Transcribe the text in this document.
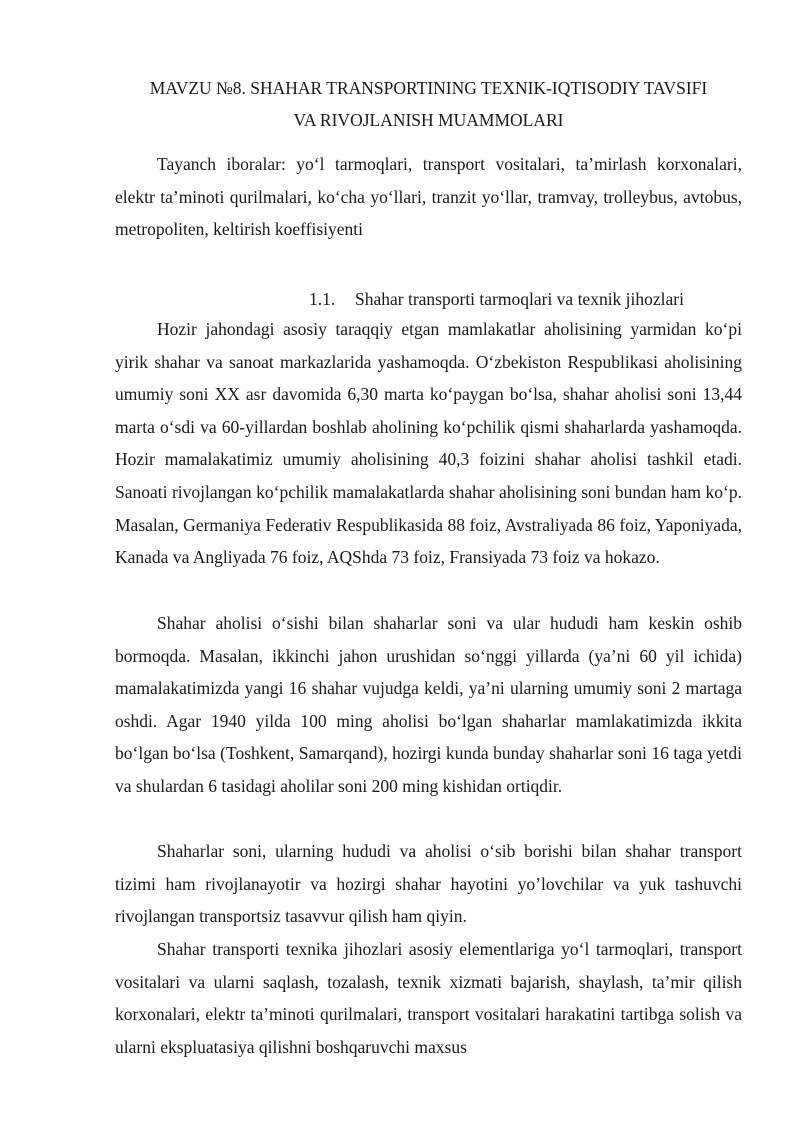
MAVZU №8. SHAHAR TRANSPORTINING TEXNIK-IQTISODIY TAVSIFI
VA RIVOJLANISH MUAMMOLARI

Tayanch iboralar: yo‘l tarmoqlari, transport vositalari, ta’mirlash korxonalari, elektr ta’minoti qurilmalari, ko‘cha yo‘llari, tranzit yo‘llar, tramvay, trolleybus, avtobus, metropoliten, keltirish koeffisiyenti

1.1. Shahar transporti tarmoqlari va texnik jihozlari

Hozir jahondagi asosiy taraqqiy etgan mamlakatlar aholisining yarmidan ko‘pi yirik shahar va sanoat markazlarida yashamoqda. O‘zbekiston Respublikasi aholisining umumiy soni XX asr davomida 6,30 marta ko‘paygan bo‘lsa, shahar aholisi soni 13,44 marta o‘sdi va 60-yillardan boshlab aholining ko‘pchilik qismi shaharlarda yashamoqda. Hozir mamalakatimiz umumiy aholisining 40,3 foizini shahar aholisi tashkil etadi. Sanoati rivojlangan ko‘pchilik mamalakatlarda shahar aholisining soni bundan ham ko‘p. Masalan, Germaniya Federativ Respublikasida 88 foiz, Avstraliyada 86 foiz, Yaponiyada, Kanada va Angliyada 76 foiz, AQShda 73 foiz, Fransiyada 73 foiz va hokazo.

Shahar aholisi o‘sishi bilan shaharlar soni va ular hududi ham keskin oshib bormoqda. Masalan, ikkinchi jahon urushidan so‘nggi yillarda (ya’ni 60 yil ichida) mamalakatimizda yangi 16 shahar vujudga keldi, ya’ni ularning umumiy soni 2 martaga oshdi. Agar 1940 yilda 100 ming aholisi bo‘lgan shaharlar mamlakatimizda ikkita bo‘lgan bo‘lsa (Toshkent, Samarqand), hozirgi kunda bunday shaharlar soni 16 taga yetdi va shulardan 6 tasidagi aholilar soni 200 ming kishidan ortiqdir.

Shaharlar soni, ularning hududi va aholisi o‘sib borishi bilan shahar transport tizimi ham rivojlanayotir va hozirgi shahar hayotini yo’lovchilar va yuk tashuvchi rivojlangan transportsiz tasavvur qilish ham qiyin.

Shahar transporti texnika jihozlari asosiy elementlariga yo‘l tarmoqlari, transport vositalari va ularni saqlash, tozalash, texnik xizmati bajarish, shaylash, ta’mir qilish korxonalari, elektr ta’minoti qurilmalari, transport vositalari harakatini tartibga solish va ularni ekspluatasiya qilishni boshqaruvchi maxsus
